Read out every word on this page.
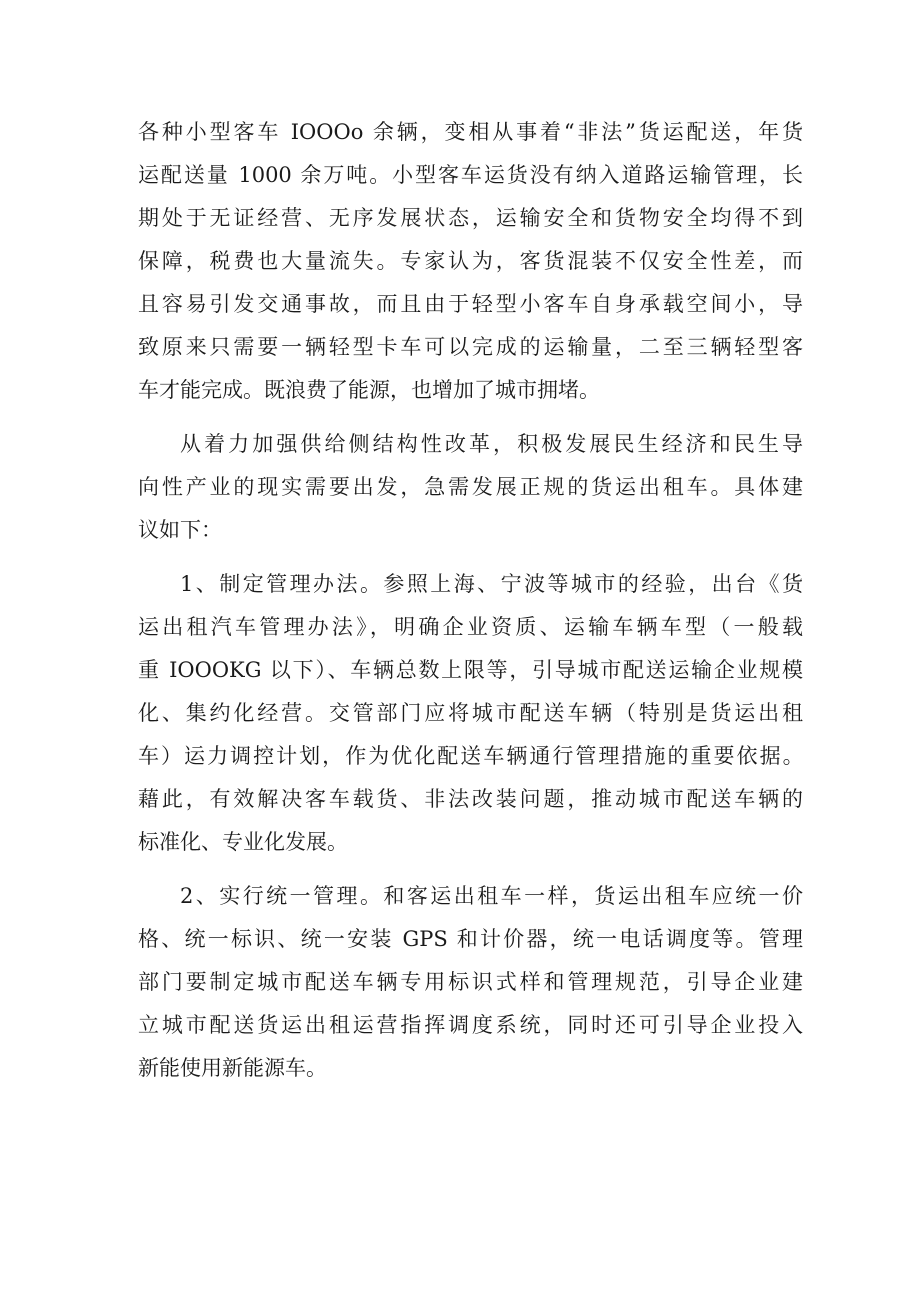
各种小型客车 IOOOo 余辆，变相从事着“非法”货运配送，年货
运配送量 1000 余万吨。小型客车运货没有纳入道路运输管理，长
期处于无证经营、无序发展状态，运输安全和货物安全均得不到
保障，税费也大量流失。专家认为，客货混装不仅安全性差，而
且容易引发交通事故，而且由于轻型小客车自身承载空间小，导
致原来只需要一辆轻型卡车可以完成的运输量，二至三辆轻型客
车才能完成。既浪费了能源，也增加了城市拥堵。

从着力加强供给侧结构性改革，积极发展民生经济和民生导
向性产业的现实需要出发，急需发展正规的货运出租车。具体建
议如下：

1、制定管理办法。参照上海、宁波等城市的经验，出台《货
运出租汽车管理办法》，明确企业资质、运输车辆车型（一般载
重 IOOOKG 以下）、车辆总数上限等，引导城市配送运输企业规模
化、集约化经营。交管部门应将城市配送车辆（特别是货运出租
车）运力调控计划，作为优化配送车辆通行管理措施的重要依据。
藉此，有效解决客车载货、非法改装问题，推动城市配送车辆的
标准化、专业化发展。

2、实行统一管理。和客运出租车一样，货运出租车应统一价
格、统一标识、统一安装 GPS 和计价器，统一电话调度等。管理
部门要制定城市配送车辆专用标识式样和管理规范，引导企业建
立城市配送货运出租运营指挥调度系统，同时还可引导企业投入
新能使用新能源车。
